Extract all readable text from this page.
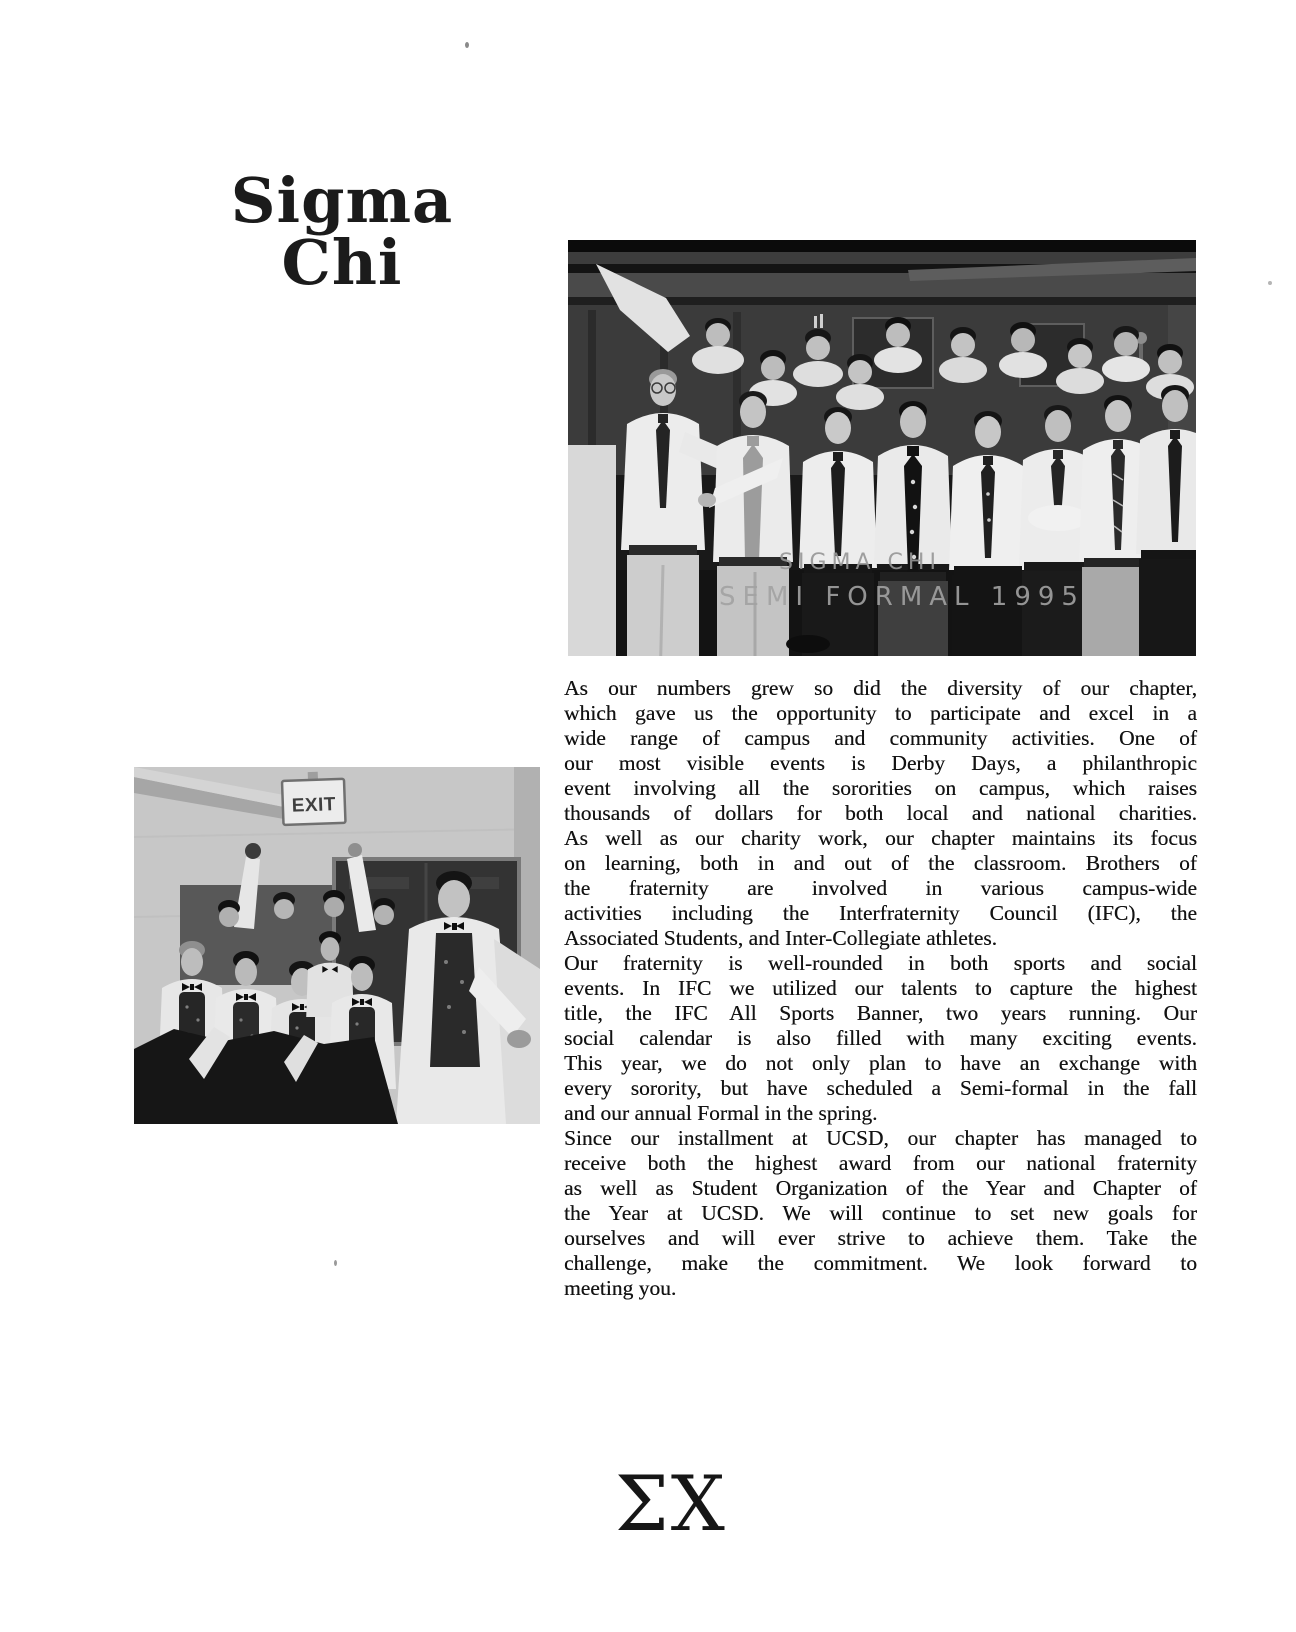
Sigma
Chi
SIGMA CHI
SEMI FORMAL 1995
EXIT
As our numbers grew so did the diversity of our chapter,
which gave us the opportunity to participate and excel in a
wide range of campus and community activities. One of
our most visible events is Derby Days, a philanthropic
event involving all the sororities on campus, which raises
thousands of dollars for both local and national charities.
As well as our charity work, our chapter maintains its focus
on learning, both in and out of the classroom. Brothers of
the fraternity are involved in various campus-wide
activities including the Interfraternity Council (IFC), the
Associated Students, and Inter-Collegiate athletes.
Our fraternity is well-rounded in both sports and social
events. In IFC we utilized our talents to capture the highest
title, the IFC All Sports Banner, two years running. Our
social calendar is also filled with many exciting events.
This year, we do not only plan to have an exchange with
every sorority, but have scheduled a Semi-formal in the fall
and our annual Formal in the spring.
Since our installment at UCSD, our chapter has managed to
receive both the highest award from our national fraternity
as well as Student Organization of the Year and Chapter of
the Year at UCSD. We will continue to set new goals for
ourselves and will ever strive to achieve them. Take the
challenge, make the commitment. We look forward to
meeting you.
ΣΧ
